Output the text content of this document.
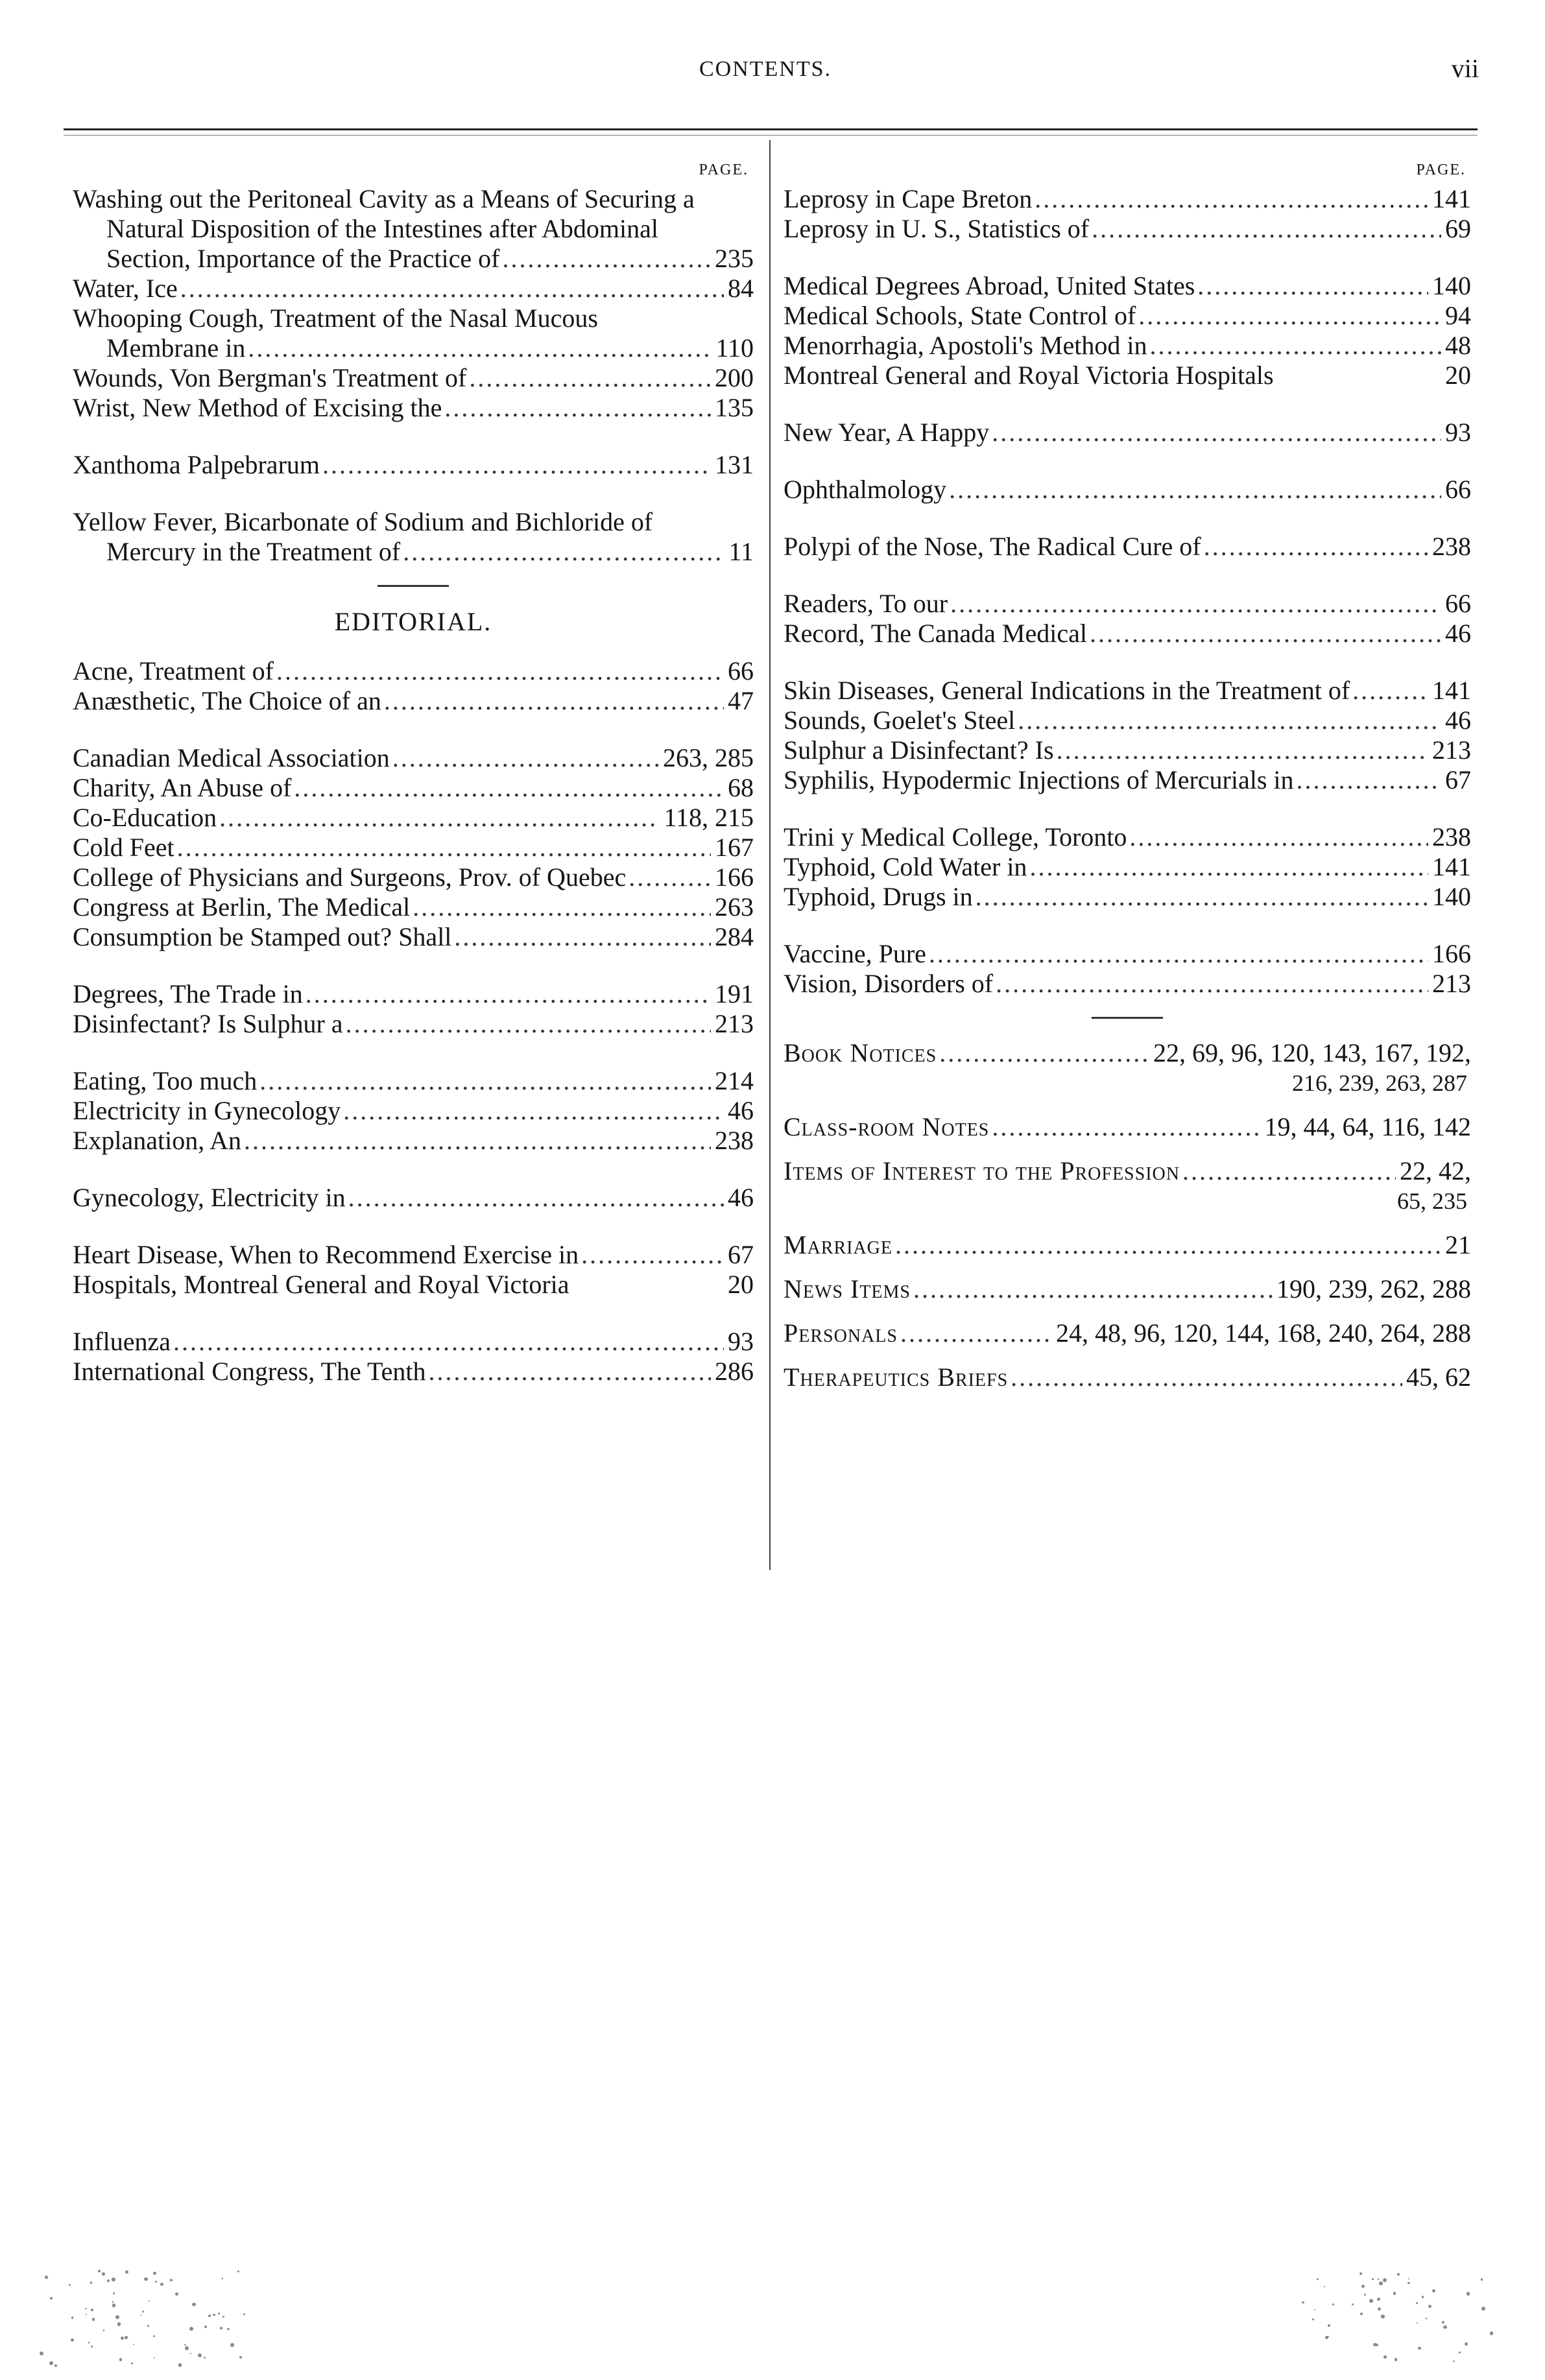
CONTENTS.	vii
PAGE.
Washing out the Peritoneal Cavity as a Means of Securing a Natural Disposition of the Intestines after Abdominal Section, Importance of the Practice of .....	235
Water, Ice .....	84
Whooping Cough, Treatment of the Nasal Mucous Membrane in .....	110
Wounds, Von Bergman's Treatment of .....	200
Wrist, New Method of Excising the .....	135
Xanthoma Palpebrarum .....	131
Yellow Fever, Bicarbonate of Sodium and Bichloride of Mercury in the Treatment of .....	11
EDITORIAL.
Acne, Treatment of .....	66
Anæsthetic, The Choice of an .....	47
Canadian Medical Association .....	263, 285
Charity, An Abuse of .....	68
Co-Education .....	118, 215
Cold Feet .....	167
College of Physicians and Surgeons, Prov. of Quebec .....	166
Congress at Berlin, The Medical .....	263
Consumption be Stamped out? Shall .....	284
Degrees, The Trade in .....	191
Disinfectant? Is Sulphur a .....	213
Eating, Too much .....	214
Electricity in Gynecology .....	46
Explanation, An .....	238
Gynecology, Electricity in .....	46
Heart Disease, When to Recommend Exercise in .....	67
Hospitals, Montreal General and Royal Victoria	20
Influenza .....	93
International Congress, The Tenth .....	286
PAGE.
Leprosy in Cape Breton .....	141
Leprosy in U. S., Statistics of .....	69
Medical Degrees Abroad, United States .....	140
Medical Schools, State Control of .....	94
Menorrhagia, Apostoli's Method in .....	48
Montreal General and Royal Victoria Hospitals	20
New Year, A Happy .....	93
Ophthalmology .....	66
Polypi of the Nose, The Radical Cure of .....	238
Readers, To our .....	66
Record, The Canada Medical .....	46
Skin Diseases, General Indications in the Treatment of .....	141
Sounds, Goelet's Steel .....	46
Sulphur a Disinfectant? Is .....	213
Syphilis, Hypodermic Injections of Mercurials in .....	67
Trini y Medical College, Toronto .....	238
Typhoid, Cold Water in .....	141
Typhoid, Drugs in .....	140
Vaccine, Pure .....	166
Vision, Disorders of .....	213
Book Notices .....	22, 69, 96, 120, 143, 167, 192,
216, 239, 263, 287
Class-room Notes .....	19, 44, 64, 116, 142
Items of Interest to the Profession .....	22, 42,
65, 235
Marriage .....	21
News Items .....	190, 239, 262, 288
Personals .....	24, 48, 96, 120, 144, 168, 240, 264, 288
Therapeutics Briefs .....	45, 62
